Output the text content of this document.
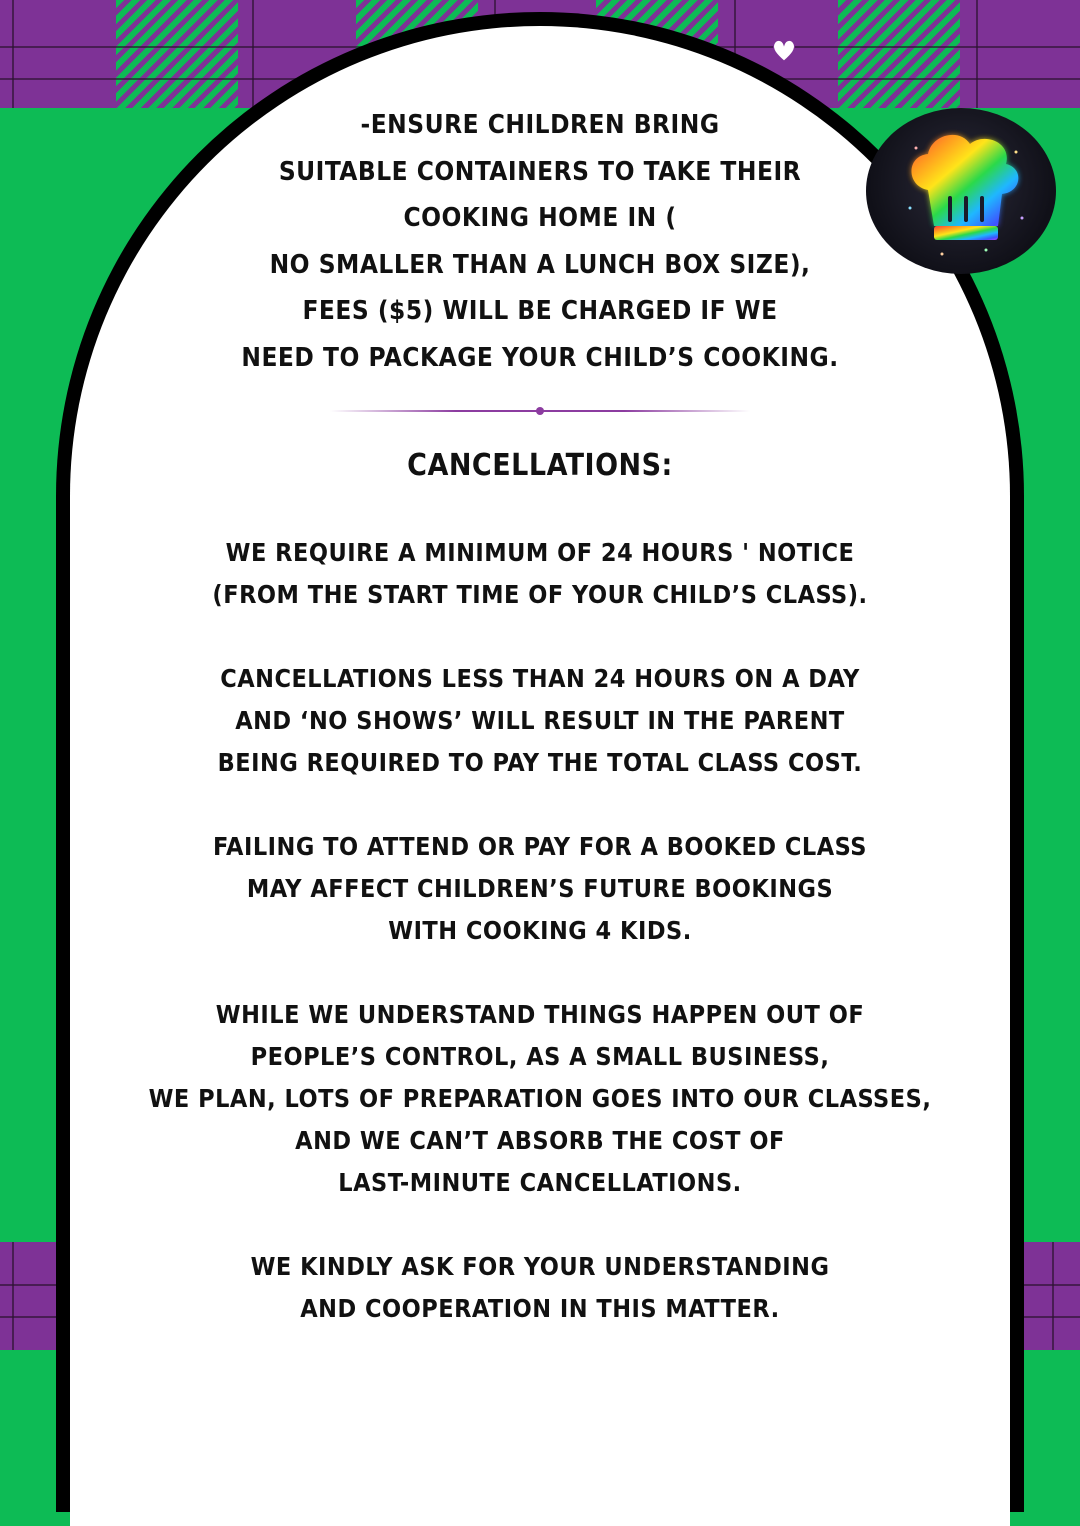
-ENSURE CHILDREN BRING
SUITABLE CONTAINERS TO TAKE THEIR
COOKING HOME IN (
NO SMALLER THAN A LUNCH BOX SIZE),
FEES ($5) WILL BE CHARGED IF WE
NEED TO PACKAGE YOUR CHILD’S COOKING.
CANCELLATIONS:
WE REQUIRE A MINIMUM OF 24 HOURS ' NOTICE
(FROM THE START TIME OF YOUR CHILD’S CLASS).
CANCELLATIONS LESS THAN 24 HOURS ON A DAY
AND ‘NO SHOWS’ WILL RESULT IN THE PARENT
BEING REQUIRED TO PAY THE TOTAL CLASS COST.
FAILING TO ATTEND OR PAY FOR A BOOKED CLASS
MAY AFFECT CHILDREN’S FUTURE BOOKINGS
WITH COOKING 4 KIDS.
WHILE WE UNDERSTAND THINGS HAPPEN OUT OF
PEOPLE’S CONTROL, AS A SMALL BUSINESS,
WE PLAN, LOTS OF PREPARATION GOES INTO OUR CLASSES,
AND WE CAN’T ABSORB THE COST OF
LAST-MINUTE CANCELLATIONS.
WE KINDLY ASK FOR YOUR UNDERSTANDING
AND COOPERATION IN THIS MATTER.
